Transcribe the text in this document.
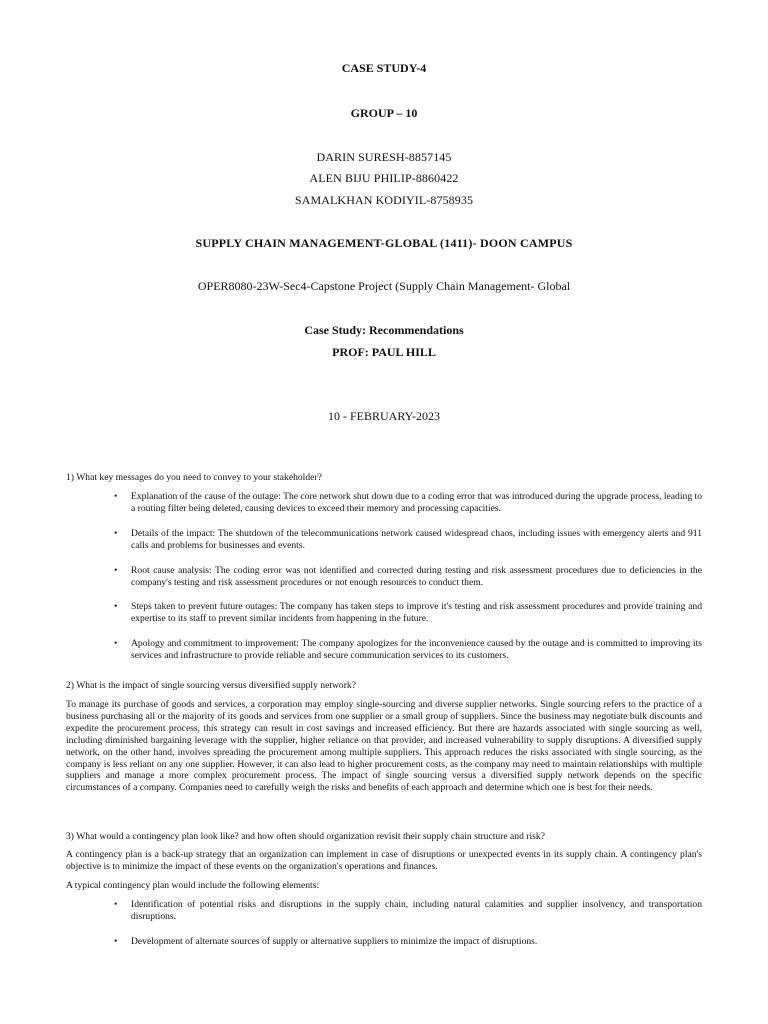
CASE STUDY-4
GROUP – 10
DARIN SURESH-8857145
ALEN BIJU PHILIP-8860422
SAMALKHAN KODIYIL-8758935
SUPPLY CHAIN MANAGEMENT-GLOBAL (1411)- DOON CAMPUS
OPER8080-23W-Sec4-Capstone Project (Supply Chain Management- Global
Case Study: Recommendations
PROF: PAUL HILL
10 - FEBRUARY-2023
1) What key messages do you need to convey to your stakeholder?
• Explanation of the cause of the outage: The core network shut down due to a coding error that was introduced during the upgrade process, leading to a routing filter being deleted, causing devices to exceed their memory and processing capacities.
• Details of the impact: The shutdown of the telecommunications network caused widespread chaos, including issues with emergency alerts and 911 calls and problems for businesses and events.
• Root cause analysis: The coding error was not identified and corrected during testing and risk assessment procedures due to deficiencies in the company's testing and risk assessment procedures or not enough resources to conduct them.
• Steps taken to prevent future outages: The company has taken steps to improve it's testing and risk assessment procedures and provide training and expertise to its staff to prevent similar incidents from happening in the future.
• Apology and commitment to improvement: The company apologizes for the inconvenience caused by the outage and is committed to improving its services and infrastructure to provide reliable and secure communication services to its customers.
2) What is the impact of single sourcing versus diversified supply network?
To manage its purchase of goods and services, a corporation may employ single-sourcing and diverse supplier networks. Single sourcing refers to the practice of a business purchasing all or the majority of its goods and services from one supplier or a small group of suppliers. Since the business may negotiate bulk discounts and expedite the procurement process, this strategy can result in cost savings and increased efficiency. But there are hazards associated with single sourcing as well, including diminished bargaining leverage with the supplier, higher reliance on that provider, and increased vulnerability to supply disruptions. A diversified supply network, on the other hand, involves spreading the procurement among multiple suppliers. This approach reduces the risks associated with single sourcing, as the company is less reliant on any one supplier. However, it can also lead to higher procurement costs, as the company may need to maintain relationships with multiple suppliers and manage a more complex procurement process. The impact of single sourcing versus a diversified supply network depends on the specific circumstances of a company. Companies need to carefully weigh the risks and benefits of each approach and determine which one is best for their needs.
3) What would a contingency plan look like? and how often should organization revisit their supply chain structure and risk?
A contingency plan is a back-up strategy that an organization can implement in case of disruptions or unexpected events in its supply chain. A contingency plan's objective is to minimize the impact of these events on the organization's operations and finances.
A typical contingency plan would include the following elements:
• Identification of potential risks and disruptions in the supply chain, including natural calamities and supplier insolvency, and transportation disruptions.
• Development of alternate sources of supply or alternative suppliers to minimize the impact of disruptions.
